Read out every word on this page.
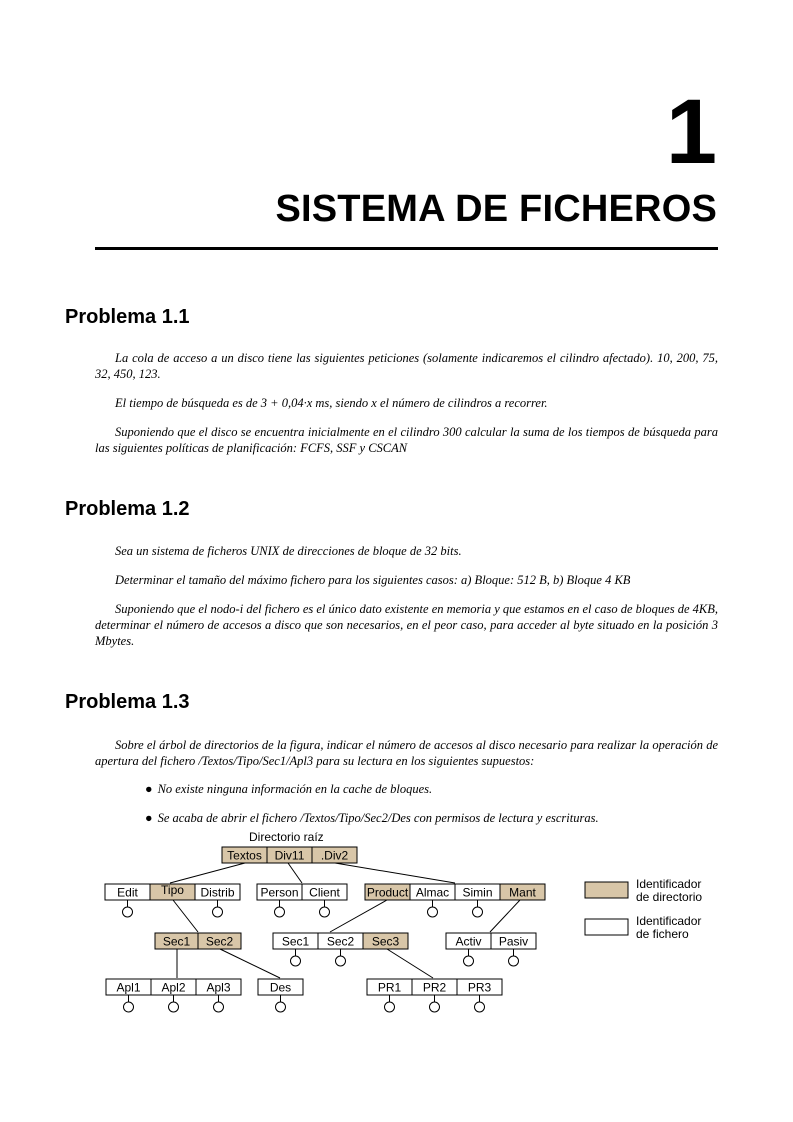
1
SISTEMA DE FICHEROS
Problema 1.1

La cola de acceso a un disco tiene las siguientes peticiones (solamente indicaremos el cilindro afectado). 10, 200, 75, 32, 450, 123.

El tiempo de búsqueda es de 3 + 0,04·x ms, siendo x el número de cilindros a recorrer.

Suponiendo que el disco se encuentra inicialmente en el cilindro 300 calcular la suma de los tiempos de búsqueda para las siguientes políticas de planificación: FCFS, SSF y CSCAN

Problema 1.2

Sea un sistema de ficheros UNIX de direcciones de bloque de 32 bits.

Determinar el tamaño del máximo fichero para los siguientes casos: a) Bloque: 512 B, b) Bloque 4 KB

Suponiendo que el nodo-i del fichero es el único dato existente en memoria y que estamos en el caso de bloques de 4KB, determinar el número de accesos a disco que son necesarios, en el peor caso, para acceder al byte situado en la posición 3 Mbytes.

Problema 1.3

Sobre el árbol de directorios de la figura, indicar el número de accesos al disco necesario para realizar la operación de apertura del fichero /Textos/Tipo/Sec1/Apl3 para su lectura en los siguientes supuestos:

● No existe ninguna información en la cache de bloques.

● Se acaba de abrir el fichero /Textos/Tipo/Sec2/Des con permisos de lectura y escrituras.

Directorio raíz
Textos Div11 .Div2
Edit Tipo Distrib Person Client Product Almac Simin Mant
Sec1 Sec2	Sec1 Sec2 Sec3	Activ Pasiv
Apl1 Apl2 Apl3	Des	PR1 PR2 PR3
Identificador
de directorio
Identificador
de fichero
